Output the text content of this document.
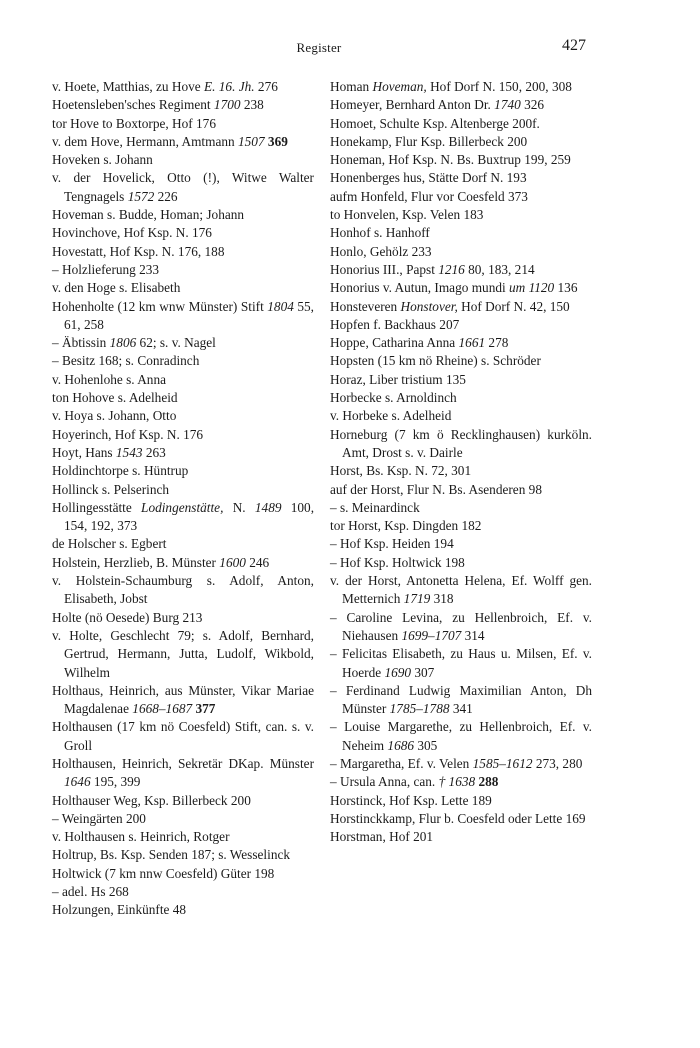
Register	427
v. Hoete, Matthias, zu Hove E. 16. Jh. 276
Hoetensleben'sches Regiment 1700 238
tor Hove to Boxtorpe, Hof 176
v. dem Hove, Hermann, Amtmann 1507 369
Hoveken s. Johann
v. der Hovelick, Otto (!), Witwe Walter Tengnagels 1572 226
Hoveman s. Budde, Homan; Johann
Hovinchove, Hof Ksp. N. 176
Hovestatt, Hof Ksp. N. 176, 188
– Holzlieferung 233
v. den Hoge s. Elisabeth
Hohenholte (12 km wnw Münster) Stift 1804 55, 61, 258
– Äbtissin 1806 62; s. v. Nagel
– Besitz 168; s. Conradinch
v. Hohenlohe s. Anna
ton Hohove s. Adelheid
v. Hoya s. Johann, Otto
Hoyerinch, Hof Ksp. N. 176
Hoyt, Hans 1543 263
Holdinchtorpe s. Hüntrup
Hollinck s. Pelserinch
Hollingesstätte Lodingenstätte, N. 1489 100, 154, 192, 373
de Holscher s. Egbert
Holstein, Herzlieb, B. Münster 1600 246
v. Holstein-Schaumburg s. Adolf, Anton, Elisabeth, Jobst
Holte (nö Oesede) Burg 213
v. Holte, Geschlecht 79; s. Adolf, Bernhard, Gertrud, Hermann, Jutta, Ludolf, Wikbold, Wilhelm
Holthaus, Heinrich, aus Münster, Vikar Mariae Magdalenae 1668–1687 377
Holthausen (17 km nö Coesfeld) Stift, can. s. v. Groll
Holthausen, Heinrich, Sekretär DKap. Münster 1646 195, 399
Holthauser Weg, Ksp. Billerbeck 200
– Weingärten 200
v. Holthausen s. Heinrich, Rotger
Holtrup, Bs. Ksp. Senden 187; s. Wesselinck
Holtwick (7 km nnw Coesfeld) Güter 198
– adel. Hs 268
Holzungen, Einkünfte 48
Homan Hoveman, Hof Dorf N. 150, 200, 308
Homeyer, Bernhard Anton Dr. 1740 326
Homoet, Schulte Ksp. Altenberge 200f.
Honekamp, Flur Ksp. Billerbeck 200
Honeman, Hof Ksp. N. Bs. Buxtrup 199, 259
Honenberges hus, Stätte Dorf N. 193
aufm Honfeld, Flur vor Coesfeld 373
to Honvelen, Ksp. Velen 183
Honhof s. Hanhoff
Honlo, Gehölz 233
Honorius III., Papst 1216 80, 183, 214
Honorius v. Autun, Imago mundi um 1120 136
Honsteveren Honstover, Hof Dorf N. 42, 150
Hopfen f. Backhaus 207
Hoppe, Catharina Anna 1661 278
Hopsten (15 km nö Rheine) s. Schröder
Horaz, Liber tristium 135
Horbecke s. Arnoldinch
v. Horbeke s. Adelheid
Horneburg (7 km ö Recklinghausen) kurköln. Amt, Drost s. v. Dairle
Horst, Bs. Ksp. N. 72, 301
auf der Horst, Flur N. Bs. Asenderen 98
– s. Meinardinck
tor Horst, Ksp. Dingden 182
– Hof Ksp. Heiden 194
– Hof Ksp. Holtwick 198
v. der Horst, Antonetta Helena, Ef. Wolff gen. Metternich 1719 318
– Caroline Levina, zu Hellenbroich, Ef. v. Niehausen 1699–1707 314
– Felicitas Elisabeth, zu Haus u. Milsen, Ef. v. Hoerde 1690 307
– Ferdinand Ludwig Maximilian Anton, Dh Münster 1785–1788 341
– Louise Margarethe, zu Hellenbroich, Ef. v. Neheim 1686 305
– Margaretha, Ef. v. Velen 1585–1612 273, 280
– Ursula Anna, can. † 1638 288
Horstinck, Hof Ksp. Lette 189
Horstinckkamp, Flur b. Coesfeld oder Lette 169
Horstman, Hof 201
